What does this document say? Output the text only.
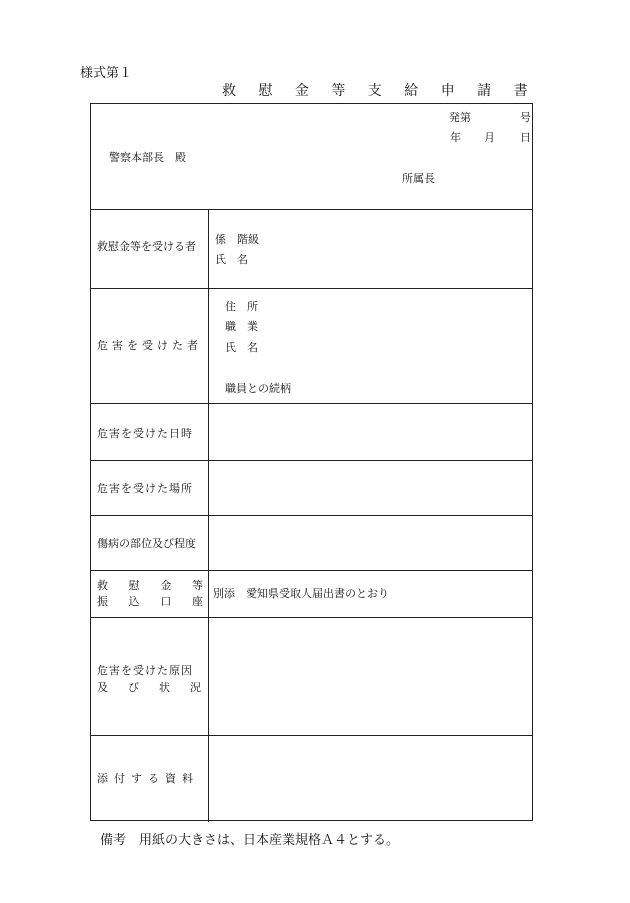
様式第１
救 慰 金 等 支 給 申 請 書
発第	号
年 月 日
警察本部長　殿
所属長
救慰金等を受ける者
係　階級
氏　名
危害を受けた者
住　所
職　業
氏　名
職員との続柄
危害を受けた日時
危害を受けた場所
傷病の部位及び程度
救 慰 金 等
振 込 口 座
別添　愛知県受取人届出書のとおり
危害を受けた原因
及 び 状 況
添付する資料
備考　用紙の大きさは、日本産業規格Ａ４とする。
